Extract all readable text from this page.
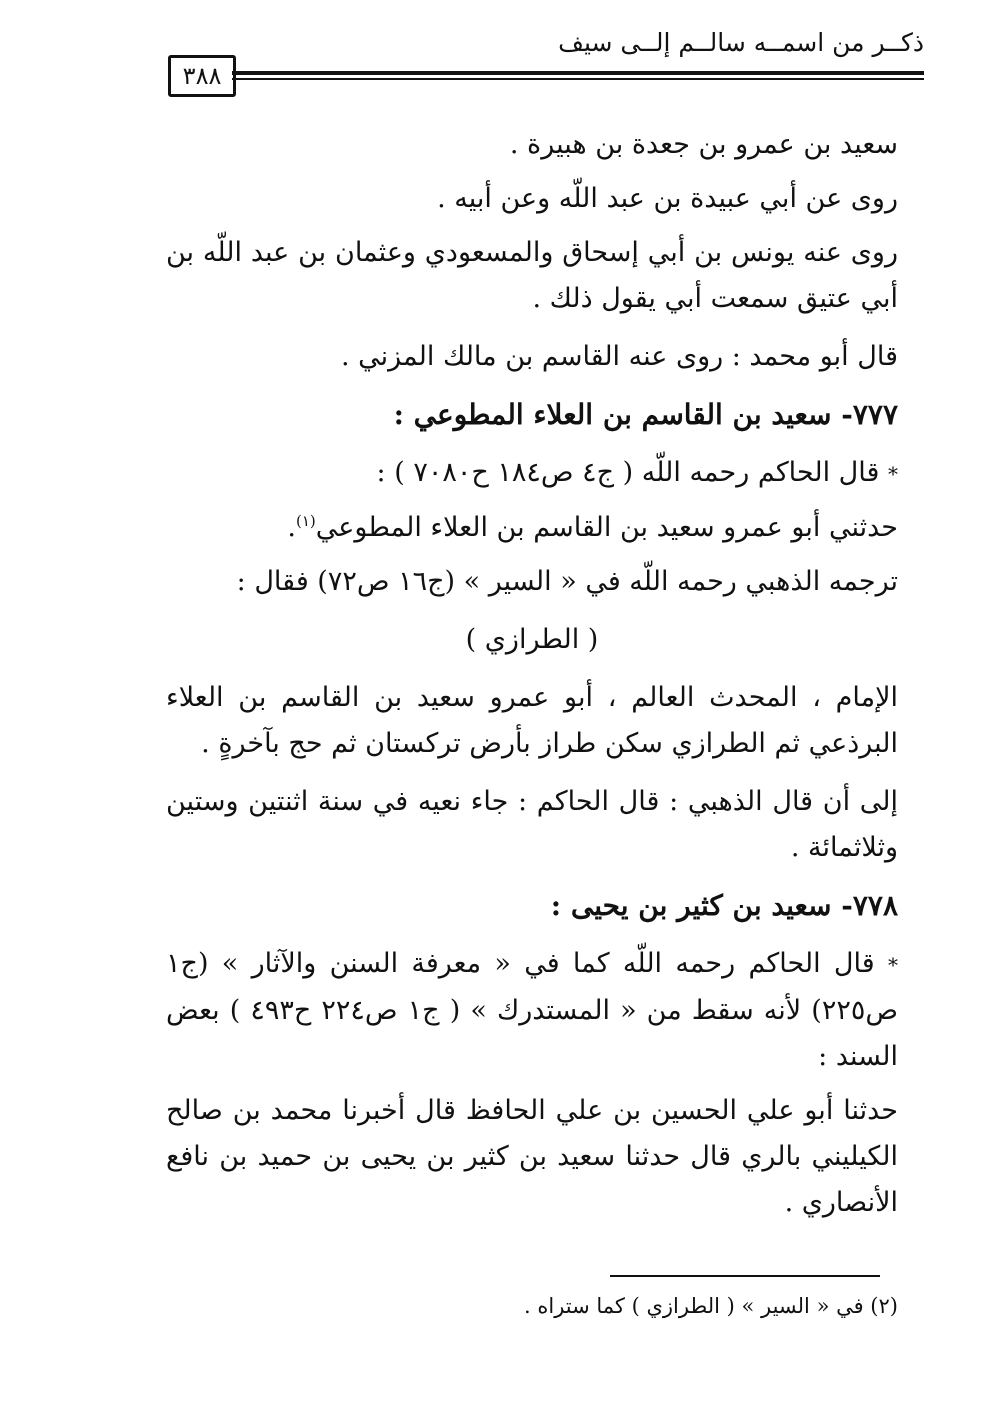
ذكــر من اسمــه سالــم إلــى سيف
٣٨٨

سعيد بن عمرو بن جعدة بن هبيرة .

روى عن أبي عبيدة بن عبد اللّه وعن أبيه .

روى عنه يونس بن أبي إسحاق والمسعودي وعثمان بن عبد اللّه بن أبي عتيق سمعت أبي يقول ذلك .

قال أبو محمد : روى عنه القاسم بن مالك المزني .

٧٧٧- سعيد بن القاسم بن العلاء المطوعي :

* قال الحاكم رحمه اللّه ( ج٤ ص١٨٤ ح٧٠٨٠ ) :

حدثني أبو عمرو سعيد بن القاسم بن العلاء المطوعي$^{(١)}$.

ترجمه الذهبي رحمه اللّه في « السير » (ج١٦ ص٧٢) فقال :

( الطرازي )

الإمام ، المحدث العالم ، أبو عمرو سعيد بن القاسم بن العلاء البرذعي ثم الطرازي سكن طراز بأرض تركستان ثم حج بآخرةٍ .

إلى أن قال الذهبي : قال الحاكم : جاء نعيه في سنة اثنتين وستين وثلاثمائة .

٧٧٨- سعيد بن كثير بن يحيى :

* قال الحاكم رحمه اللّه كما في « معرفة السنن والآثار » (ج١ ص٢٢٥) لأنه سقط من « المستدرك » ( ج١ ص٢٢٤ ح٤٩٣ ) بعض السند :

حدثنا أبو علي الحسين بن علي الحافظ قال أخبرنا محمد بن صالح الكيليني بالري قال حدثنا سعيد بن كثير بن يحيى بن حميد بن نافع الأنصاري .

(٢) في « السير » ( الطرازي ) كما ستراه .
